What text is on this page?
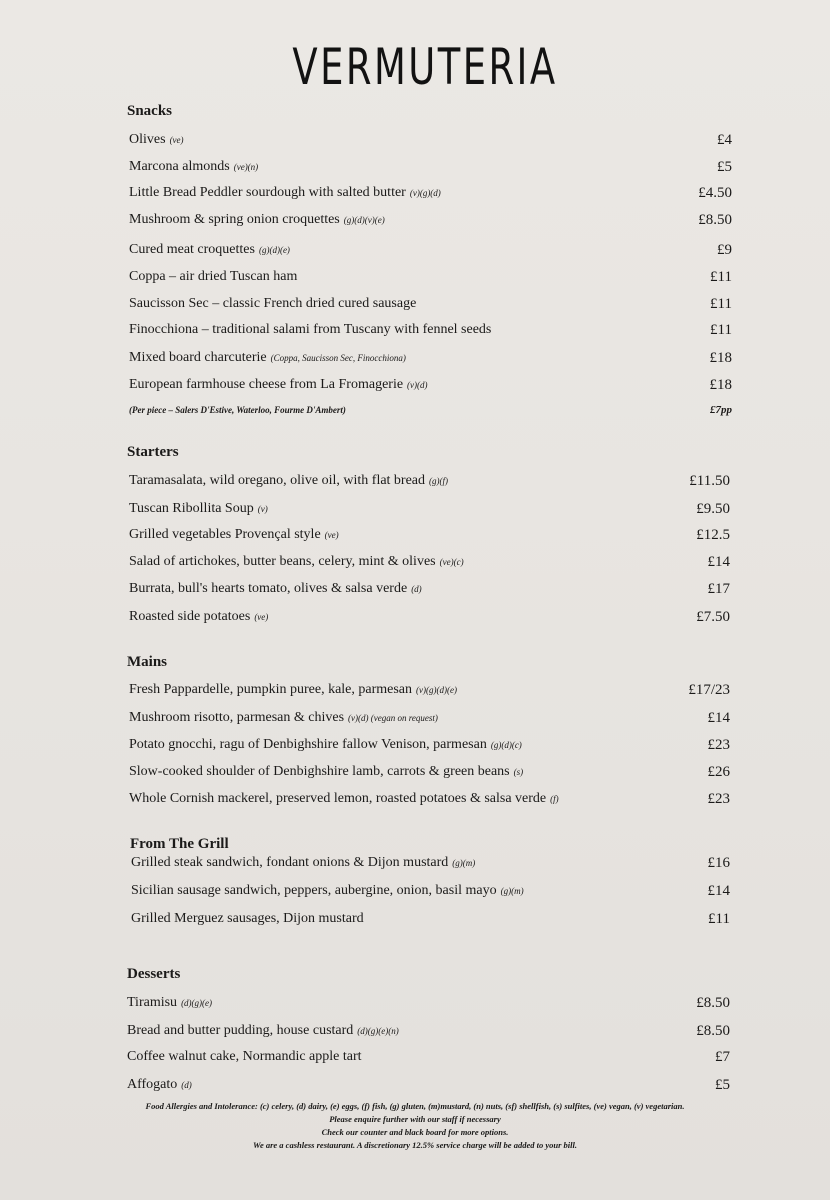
VERMUTERIA
Snacks
Olives (ve)	£4
Marcona almonds (ve)(n)	£5
Little Bread Peddler sourdough with salted butter (v)(g)(d)	£4.50
Mushroom & spring onion croquettes (g)(d)(v)(e)	£8.50
Cured meat croquettes (g)(d)(e)	£9
Coppa – air dried Tuscan ham	£11
Saucisson Sec – classic French dried cured sausage	£11
Finocchiona – traditional salami from Tuscany with fennel seeds	£11
Mixed board charcuterie (Coppa, Saucisson Sec, Finocchiona)	£18
European farmhouse cheese from La Fromagerie (v)(d)	£18
(Per piece – Salers D'Estive, Waterloo, Fourme D'Ambert)	£7pp
Starters
Taramasalata, wild oregano, olive oil, with flat bread (g)(f)	£11.50
Tuscan Ribollita Soup (v)	£9.50
Grilled vegetables Provençal style (ve)	£12.5
Salad of artichokes, butter beans, celery, mint & olives (ve)(c)	£14
Burrata, bull's hearts tomato, olives & salsa verde (d)	£17
Roasted side potatoes (ve)	£7.50
Mains
Fresh Pappardelle, pumpkin puree, kale, parmesan (v)(g)(d)(e)	£17/23
Mushroom risotto, parmesan & chives (v)(d) (vegan on request)	£14
Potato gnocchi, ragu of Denbighshire fallow Venison, parmesan (g)(d)(c)	£23
Slow-cooked shoulder of Denbighshire lamb, carrots & green beans (s)	£26
Whole Cornish mackerel, preserved lemon, roasted potatoes & salsa verde (f)	£23
From The Grill
Grilled steak sandwich, fondant onions & Dijon mustard (g)(m)	£16
Sicilian sausage sandwich, peppers, aubergine, onion, basil mayo (g)(m)	£14
Grilled Merguez sausages, Dijon mustard	£11
Desserts
Tiramisu (d)(g)(e)	£8.50
Bread and butter pudding, house custard (d)(g)(e)(n)	£8.50
Coffee walnut cake, Normandic apple tart	£7
Affogato (d)	£5
Food Allergies and Intolerance: (c) celery, (d) dairy, (e) eggs, (f) fish, (g) gluten, (m)mustard, (n) nuts, (sf) shellfish, (s) sulfites, (ve) vegan, (v) vegetarian.
Please enquire further with our staff if necessary
Check our counter and black board for more options.
We are a cashless restaurant. A discretionary 12.5% service charge will be added to your bill.
